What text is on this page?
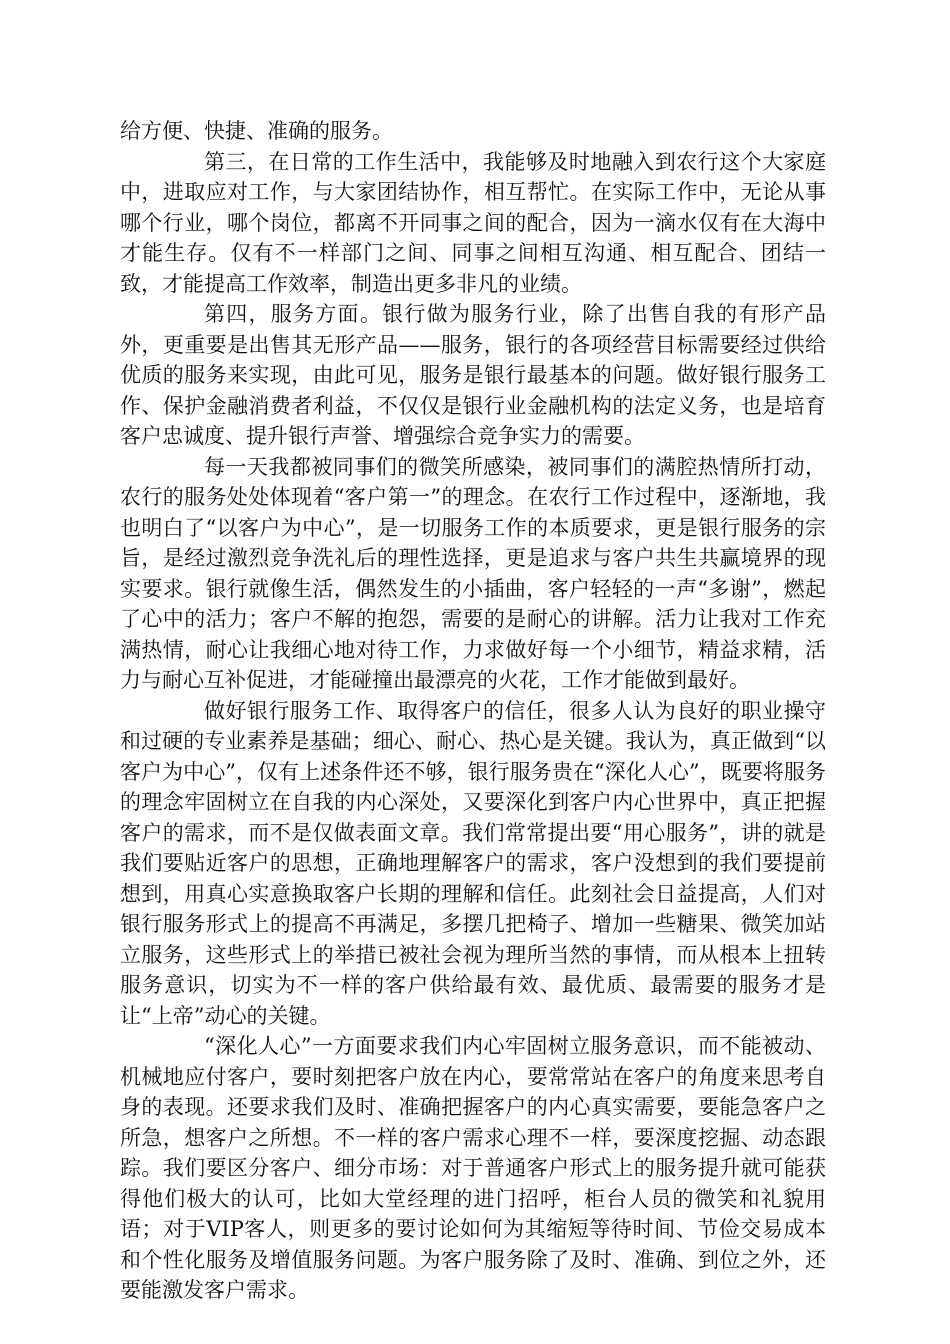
给方便、快捷、准确的服务。

第三，在日常的工作生活中，我能够及时地融入到农行这个大家庭中，进取应对工作，与大家团结协作，相互帮忙。在实际工作中，无论从事哪个行业，哪个岗位，都离不开同事之间的配合，因为一滴水仅有在大海中才能生存。仅有不一样部门之间、同事之间相互沟通、相互配合、团结一致，才能提高工作效率，制造出更多非凡的业绩。

第四，服务方面。银行做为服务行业，除了出售自我的有形产品外，更重要是出售其无形产品——服务，银行的各项经营目标需要经过供给优质的服务来实现，由此可见，服务是银行最基本的问题。做好银行服务工作、保护金融消费者利益，不仅仅是银行业金融机构的法定义务，也是培育客户忠诚度、提升银行声誉、增强综合竞争实力的需要。

每一天我都被同事们的微笑所感染，被同事们的满腔热情所打动，农行的服务处处体现着“客户第一”的理念。在农行工作过程中，逐渐地，我也明白了“以客户为中心”，是一切服务工作的本质要求，更是银行服务的宗旨，是经过激烈竞争洗礼后的理性选择，更是追求与客户共生共赢境界的现实要求。银行就像生活，偶然发生的小插曲，客户轻轻的一声“多谢”，燃起了心中的活力；客户不解的抱怨，需要的是耐心的讲解。活力让我对工作充满热情，耐心让我细心地对待工作，力求做好每一个小细节，精益求精，活力与耐心互补促进，才能碰撞出最漂亮的火花，工作才能做到最好。

做好银行服务工作、取得客户的信任，很多人认为良好的职业操守和过硬的专业素养是基础；细心、耐心、热心是关键。我认为，真正做到“以客户为中心”，仅有上述条件还不够，银行服务贵在“深化人心”，既要将服务的理念牢固树立在自我的内心深处，又要深化到客户内心世界中，真正把握客户的需求，而不是仅做表面文章。我们常常提出要“用心服务”，讲的就是我们要贴近客户的思想，正确地理解客户的需求，客户没想到的我们要提前想到，用真心实意换取客户长期的理解和信任。此刻社会日益提高，人们对银行服务形式上的提高不再满足，多摆几把椅子、增加一些糖果、微笑加站立服务，这些形式上的举措已被社会视为理所当然的事情，而从根本上扭转服务意识，切实为不一样的客户供给最有效、最优质、最需要的服务才是让“上帝”动心的关键。

“深化人心”一方面要求我们内心牢固树立服务意识，而不能被动、机械地应付客户，要时刻把客户放在内心，要常常站在客户的角度来思考自身的表现。还要求我们及时、准确把握客户的内心真实需要，要能急客户之所急，想客户之所想。不一样的客户需求心理不一样，要深度挖掘、动态跟踪。我们要区分客户、细分市场：对于普通客户形式上的服务提升就可能获得他们极大的认可，比如大堂经理的进门招呼，柜台人员的微笑和礼貌用语；对于VIP客人，则更多的要讨论如何为其缩短等待时间、节俭交易成本和个性化服务及增值服务问题。为客户服务除了及时、准确、到位之外，还要能激发客户需求。
